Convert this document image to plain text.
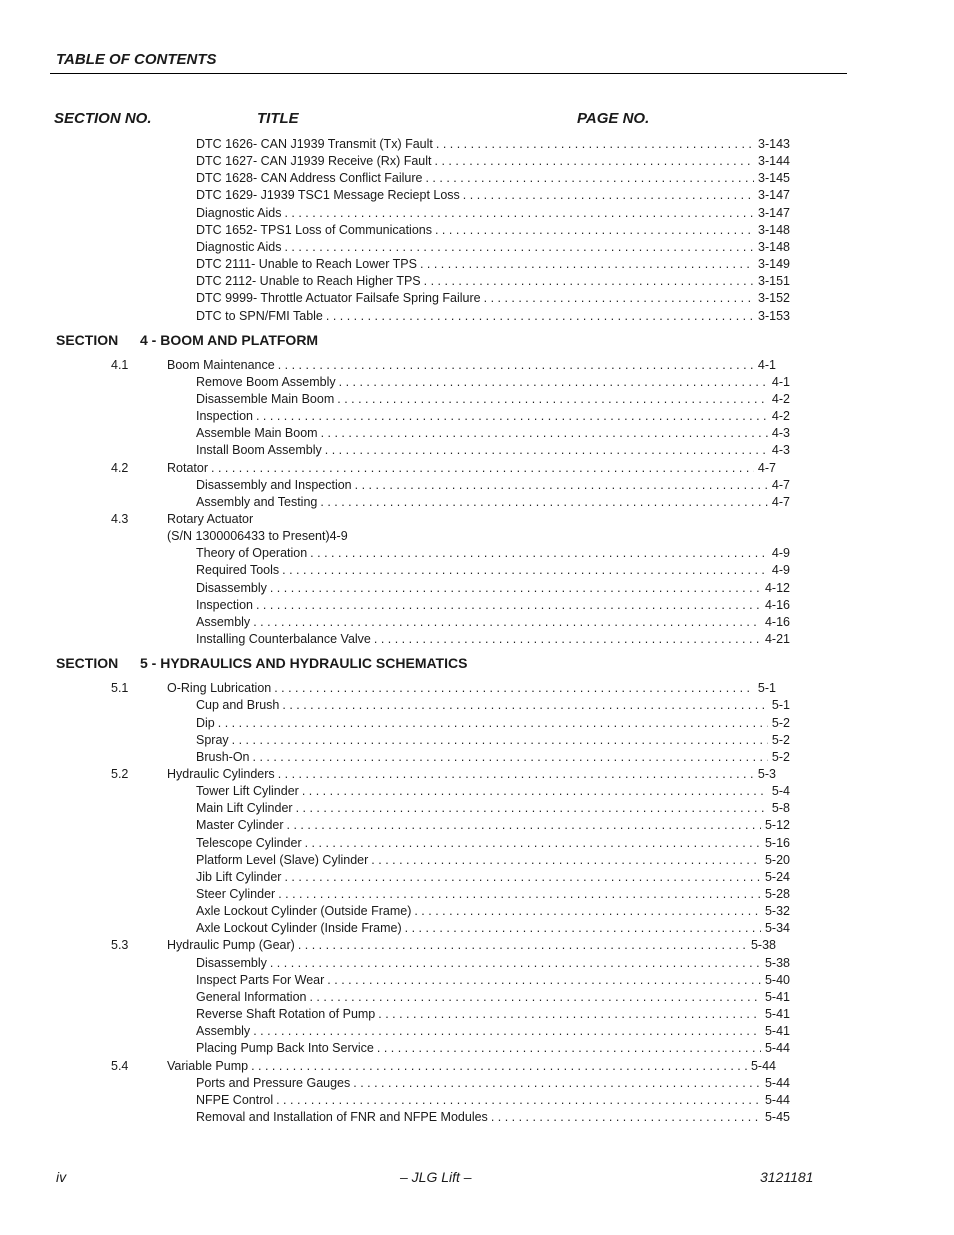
TABLE OF CONTENTS
SECTION NO.	TITLE	PAGE NO.
DTC 1626- CAN J1939 Transmit (Tx) Fault . . .	3-143
DTC 1627- CAN J1939 Receive (Rx) Fault . . .	3-144
DTC 1628- CAN Address Conflict Failure . . .	3-145
DTC 1629- J1939 TSC1 Message Reciept Loss . . .	3-147
Diagnostic Aids . . .	3-147
DTC 1652- TPS1 Loss of Communications . . .	3-148
Diagnostic Aids . . .	3-148
DTC 2111- Unable to Reach Lower TPS . . .	3-149
DTC 2112- Unable to Reach Higher TPS . . .	3-151
DTC 9999- Throttle Actuator Failsafe Spring Failure . . .	3-152
DTC to SPN/FMI Table . . .	3-153
SECTION 4 - BOOM AND PLATFORM
4.1	Boom Maintenance . . .	4-1
Remove Boom Assembly . . .	4-1
Disassemble Main Boom . . .	4-2
Inspection . . .	4-2
Assemble Main Boom . . .	4-3
Install Boom Assembly . . .	4-3
4.2	Rotator . . .	4-7
Disassembly and Inspection . . .	4-7
Assembly and Testing . . .	4-7
4.3	Rotary Actuator
(S/N 1300006433 to Present)4-9
Theory of Operation . . .	4-9
Required Tools . . .	4-9
Disassembly . . .	4-12
Inspection . . .	4-16
Assembly . . .	4-16
Installing Counterbalance Valve . . .	4-21
SECTION 5 - HYDRAULICS AND HYDRAULIC SCHEMATICS
5.1	O-Ring Lubrication . . .	5-1
Cup and Brush . . .	5-1
Dip . . .	5-2
Spray . . .	5-2
Brush-On . . .	5-2
5.2	Hydraulic Cylinders . . .	5-3
Tower Lift Cylinder . . .	5-4
Main Lift Cylinder . . .	5-8
Master Cylinder . . .	5-12
Telescope Cylinder . . .	5-16
Platform Level (Slave) Cylinder . . .	5-20
Jib Lift Cylinder . . .	5-24
Steer Cylinder . . .	5-28
Axle Lockout Cylinder (Outside Frame) . . .	5-32
Axle Lockout Cylinder (Inside Frame) . . .	5-34
5.3	Hydraulic Pump (Gear) . . .	5-38
Disassembly . . .	5-38
Inspect Parts For Wear . . .	5-40
General Information . . .	5-41
Reverse Shaft Rotation of Pump . . .	5-41
Assembly . . .	5-41
Placing Pump Back Into Service . . .	5-44
5.4	Variable Pump . . .	5-44
Ports and Pressure Gauges . . .	5-44
NFPE Control . . .	5-44
Removal and Installation of FNR and NFPE Modules . . .	5-45
iv	– JLG Lift –	3121181
